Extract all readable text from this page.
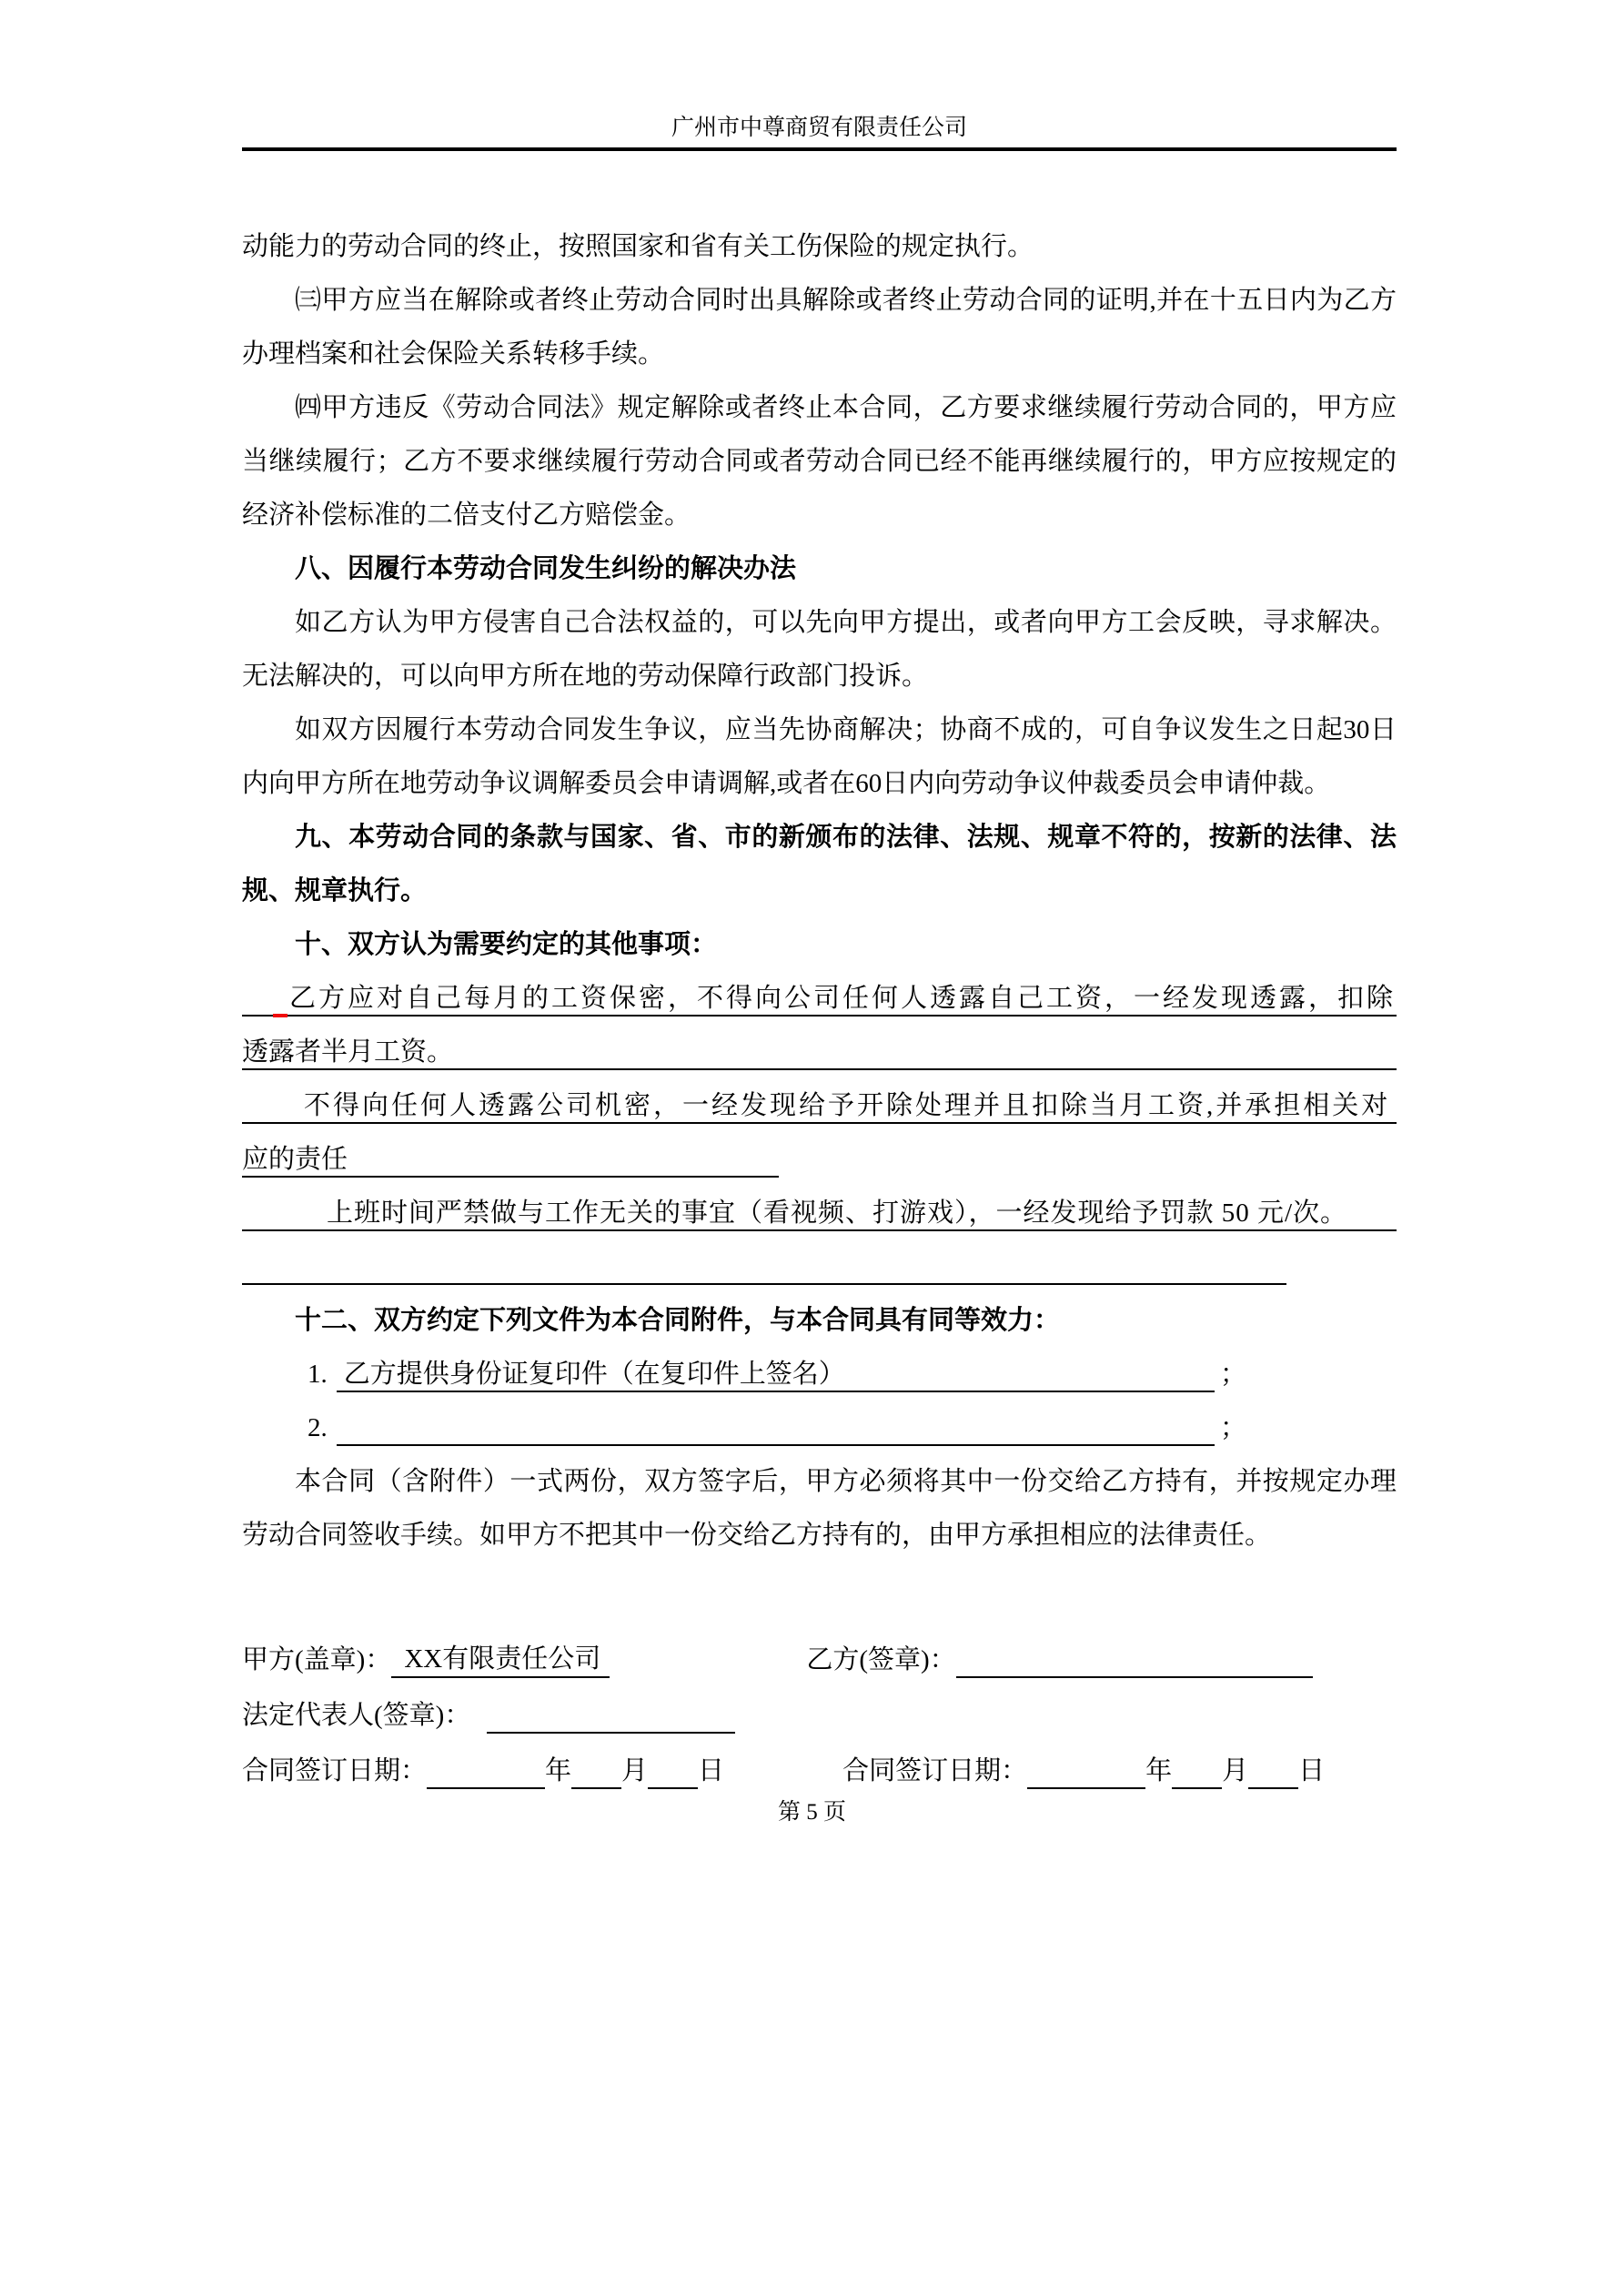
广州市中尊商贸有限责任公司

动能力的劳动合同的终止，按照国家和省有关工伤保险的规定执行。

㈢甲方应当在解除或者终止劳动合同时出具解除或者终止劳动合同的证明,并在十五日内为乙方办理档案和社会保险关系转移手续。

㈣甲方违反《劳动合同法》规定解除或者终止本合同，乙方要求继续履行劳动合同的，甲方应当继续履行；乙方不要求继续履行劳动合同或者劳动合同已经不能再继续履行的，甲方应按规定的经济补偿标准的二倍支付乙方赔偿金。

八、因履行本劳动合同发生纠纷的解决办法

如乙方认为甲方侵害自己合法权益的，可以先向甲方提出，或者向甲方工会反映，寻求解决。无法解决的，可以向甲方所在地的劳动保障行政部门投诉。

如双方因履行本劳动合同发生争议，应当先协商解决；协商不成的，可自争议发生之日起30日内向甲方所在地劳动争议调解委员会申请调解,或者在60日内向劳动争议仲裁委员会申请仲裁。

九、本劳动合同的条款与国家、省、市的新颁布的法律、法规、规章不符的，按新的法律、法规、规章执行。

十、双方认为需要约定的其他事项：

乙方应对自己每月的工资保密，不得向公司任何人透露自己工资，一经发现透露，扣除
透露者半月工资。
不得向任何人透露公司机密，一经发现给予开除处理并且扣除当月工资,并承担相关对
应的责任
上班时间严禁做与工作无关的事宜（看视频、打游戏），一经发现给予罚款 50 元/次。

十二、双方约定下列文件为本合同附件，与本合同具有同等效力：

1. 乙方提供身份证复印件（在复印件上签名）	；
2.	；

本合同（含附件）一式两份，双方签字后，甲方必须将其中一份交给乙方持有，并按规定办理劳动合同签收手续。如甲方不把其中一份交给乙方持有的，由甲方承担相应的法律责任。

甲方(盖章)： XX有限责任公司	乙方(签章)：
法定代表人(签章)：
合同签订日期：	年 月 日	合同签订日期：	年 月 日
第 5 页
